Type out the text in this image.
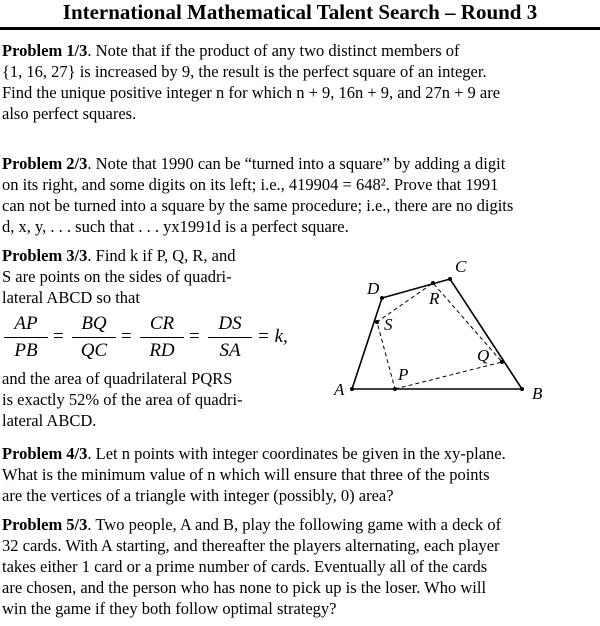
International Mathematical Talent Search – Round 3
Problem 1/3. Note that if the product of any two distinct members of
{1, 16, 27} is increased by 9, the result is the perfect square of an integer.
Find the unique positive integer n for which n + 9, 16n + 9, and 27n + 9 are
also perfect squares.
Problem 2/3. Note that 1990 can be “turned into a square” by adding a digit
on its right, and some digits on its left; i.e., 419904 = 648². Prove that 1991
can not be turned into a square by the same procedure; i.e., there are no digits
d, x, y, . . . such that . . . yx1991d is a perfect square.
Problem 3/3. Find k if P, Q, R, and
S are points on the sides of quadri-
lateral ABCD so that
AP
PB
=
BQ
QC
=
CR
RD
=
DS
SA
= k,
and the area of quadrilateral PQRS
is exactly 52% of the area of quadri-
lateral ABCD.
A	B
C
D
P
Q
R
S
Problem 4/3. Let n points with integer coordinates be given in the xy-plane.
What is the minimum value of n which will ensure that three of the points
are the vertices of a triangle with integer (possibly, 0) area?
Problem 5/3. Two people, A and B, play the following game with a deck of
32 cards. With A starting, and thereafter the players alternating, each player
takes either 1 card or a prime number of cards. Eventually all of the cards
are chosen, and the person who has none to pick up is the loser. Who will
win the game if they both follow optimal strategy?
